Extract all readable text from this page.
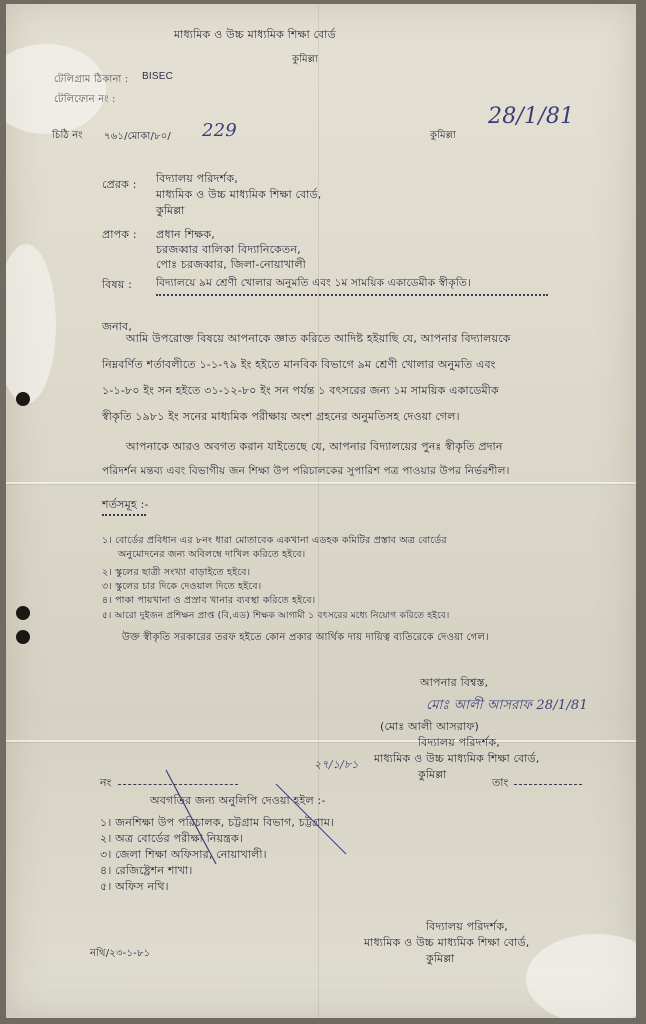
মাধ্যমিক ও উচ্চ মাধ্যমিক শিক্ষা বোর্ড
কুমিল্লা
টেলিগ্রাম ঠিকানা : BISEC
টেলিফোন নং :
চিঠি নং ৭৬১/মোকা/৮০/ 229	কুমিল্লা
28/1/81
প্রেরক : বিদ্যালয় পরিদর্শক,
মাধ্যমিক ও উচ্চ মাধ্যমিক শিক্ষা বোর্ড,
কুমিল্লা
প্রাপক : প্রধান শিক্ষক,
চরজব্বার বালিকা বিদ্যানিকেতন,
পোঃ চরজব্বার, জিলা-নোয়াখালী
বিষয় : বিদ্যালয়ে ৯ম শ্রেণী খোলার অনুমতি এবং ১ম সাময়িক একাডেমীক স্বীকৃতি।
জনাব,
আমি উপরোক্ত বিষয়ে আপনাকে জ্ঞাত করিতে আদিষ্ট হইয়াছি যে, আপনার বিদ্যালয়কে
নিম্নবর্ণিত শর্তাবলীতে ১-১-৭৯ ইং হইতে মানবিক বিভাগে ৯ম শ্রেণী খোলার অনুমতি এবং
১-১-৮০ ইং সন হইতে ৩১-১২-৮০ ইং সন পর্যন্ত ১ বৎসরের জন্য ১ম সাময়িক একাডেমীক
স্বীকৃতি ১৯৮১ ইং সনের মাধ্যমিক পরীক্ষায় অংশ গ্রহনের অনুমতিসহ দেওয়া গেল।
আপনাকে আরও অবগত করান যাইতেছে যে, আপনার বিদ্যালয়ের পুনঃ স্বীকৃতি প্রদান
পরিদর্শন মন্তব্য এবং বিভাগীয় জন শিক্ষা উপ পরিচালকের সুপারিশ পত্র পাওয়ার উপর নির্ভরশীল।
শর্তসমূহ :-
১। বোর্ডের প্রবিধান এর ৮নং ধারা মোতাবেক একখানা এডহক কমিটির প্রস্তাব অত্র বোর্ডের
অনুমোদনের জন্য অবিলম্বে দাখিল করিতে হইবে।
২। স্কুলের ছাত্রী সংখ্যা বাড়াইতে হইবে।
৩। স্কুলের চার দিকে দেওয়াল দিতে হইবে।
৪। পাকা পায়খানা ও প্রস্রাব খানার ব্যবস্থা করিতে হইবে।
৫। আরো দুইজন প্রশিক্ষন প্রাপ্ত (বি,এড) শিক্ষক আগামী ১ বৎসরের মধ্যে নিয়োগ করিতে হইবে।
উক্ত স্বীকৃতি সরকারের তরফ হইতে কোন প্রকার আর্থিক দায় দায়িত্ব ব্যতিরেকে দেওয়া গেল।
আপনার বিশ্বস্ত,
মোঃ আলী আসরাফ 28/1/81
(মোঃ আলী আসরাফ)
বিদ্যালয় পরিদর্শক,
মাধ্যমিক ও উচ্চ মাধ্যমিক শিক্ষা বোর্ড,
কুমিল্লা
নং	তাং
২৭/১/৮১
অবগতির জন্য অনুলিপি দেওয়া হইল :-
১। জনশিক্ষা উপ পরিচালক, চট্টগ্রাম বিভাগ, চট্টগ্রাম।
২। অত্র বোর্ডের পরীক্ষা নিয়ন্ত্রক।
৩। জেলা শিক্ষা অফিসার, নোয়াখালী।
৪। রেজিষ্ট্রেশন শাখা।
৫। অফিস নথি।
নথি/২৩-১-৮১
বিদ্যালয় পরিদর্শক,
মাধ্যমিক ও উচ্চ মাধ্যমিক শিক্ষা বোর্ড,
কুমিল্লা
